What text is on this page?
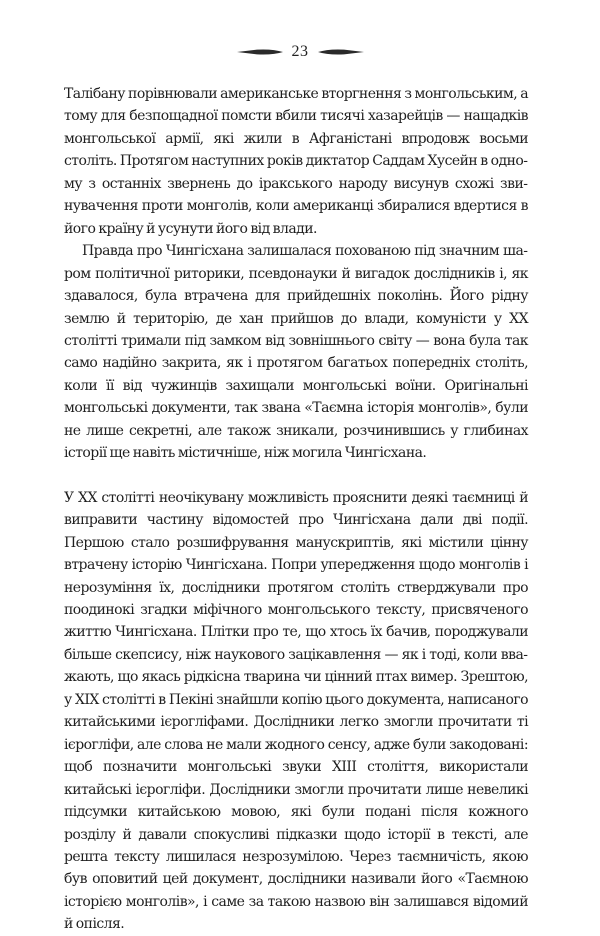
23

Талібану порівнювали американське вторгнення з монгольським, а тому для безпощадної помсти вбили тисячі хазарейців — нащадків монгольської армії, які жили в Афганістані впродовж восьми століть. Протягом наступних років диктатор Саддам Хусейн в одному з останніх звернень до іракського народу висунув схожі звинувачення проти монголів, коли американці збиралися вдертися в його країну й усунути його від влади.

Правда про Чингісхана залишалася похованою під значним шаром політичної риторики, псевдонауки й вигадок дослідників і, як здавалося, була втрачена для прийдешніх поколінь. Його рідну землю й територію, де хан прийшов до влади, комуністи у ХХ столітті тримали під замком від зовнішнього світу — вона була так само надійно закрита, як і протягом багатьох попередніх століть, коли її від чужинців захищали монгольські воїни. Оригінальні монгольські документи, так звана «Таємна історія монголів», були не лише секретні, але також зникали, розчинившись у глибинах історії ще навіть містичніше, ніж могила Чингісхана.

У ХХ столітті неочікувану можливість прояснити деякі таємниці й виправити частину відомостей про Чингісхана дали дві події. Першою стало розшифрування манускриптів, які містили цінну втрачену історію Чингісхана. Попри упередження щодо монголів і нерозуміння їх, дослідники протягом століть стверджували про поодинокі згадки міфічного монгольського тексту, присвяченого життю Чингісхана. Плітки про те, що хтось їх бачив, породжували більше скепсису, ніж наукового зацікавлення — як і тоді, коли вважають, що якась рідкісна тварина чи цінний птах вимер. Зрештою, у ХІХ столітті в Пекіні знайшли копію цього документа, написаного китайськими ієрогліфами. Дослідники легко змогли прочитати ті ієрогліфи, але слова не мали жодного сенсу, адже були закодовані: щоб позначити монгольські звуки ХІІІ століття, використали китайські ієрогліфи. Дослідники змогли прочитати лише невеликі підсумки китайською мовою, які були подані після кожного розділу й давали спокусливі підказки щодо історії в тексті, але решта тексту лишилася незрозумілою. Через таємничість, якою був оповитий цей документ, дослідники називали його «Таємною історією монголів», і саме за такою назвою він залишався відомий й опісля.
